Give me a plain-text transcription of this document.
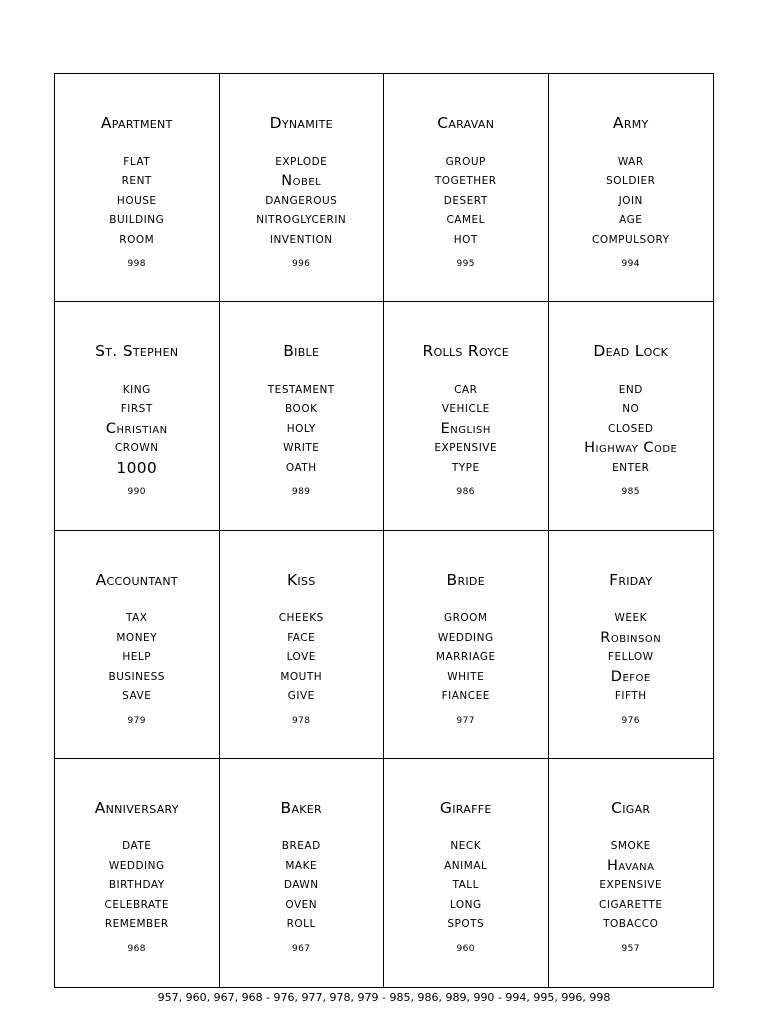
Apartment
FLAT
RENT
HOUSE
BUILDING
ROOM
998
Dynamite
EXPLODE
Nobel
DANGEROUS
NITROGLYCERIN
INVENTION
996
Caravan
GROUP
TOGETHER
DESERT
CAMEL
HOT
995
Army
WAR
SOLDIER
JOIN
AGE
COMPULSORY
994
St. Stephen
KING
FIRST
Christian
CROWN
1000
990
Bible
TESTAMENT
BOOK
HOLY
WRITE
OATH
989
Rolls Royce
CAR
VEHICLE
English
EXPENSIVE
TYPE
986
Dead Lock
END
NO
CLOSED
Highway Code
ENTER
985
Accountant
TAX
MONEY
HELP
BUSINESS
SAVE
979
Kiss
CHEEKS
FACE
LOVE
MOUTH
GIVE
978
Bride
GROOM
WEDDING
MARRIAGE
WHITE
FIANCEE
977
Friday
WEEK
Robinson
FELLOW
Defoe
FIFTH
976
Anniversary
DATE
WEDDING
BIRTHDAY
CELEBRATE
REMEMBER
968
Baker
BREAD
MAKE
DAWN
OVEN
ROLL
967
Giraffe
NECK
ANIMAL
TALL
LONG
SPOTS
960
Cigar
SMOKE
Havana
EXPENSIVE
CIGARETTE
TOBACCO
957
957, 960, 967, 968 - 976, 977, 978, 979 - 985, 986, 989, 990 - 994, 995, 996, 998
